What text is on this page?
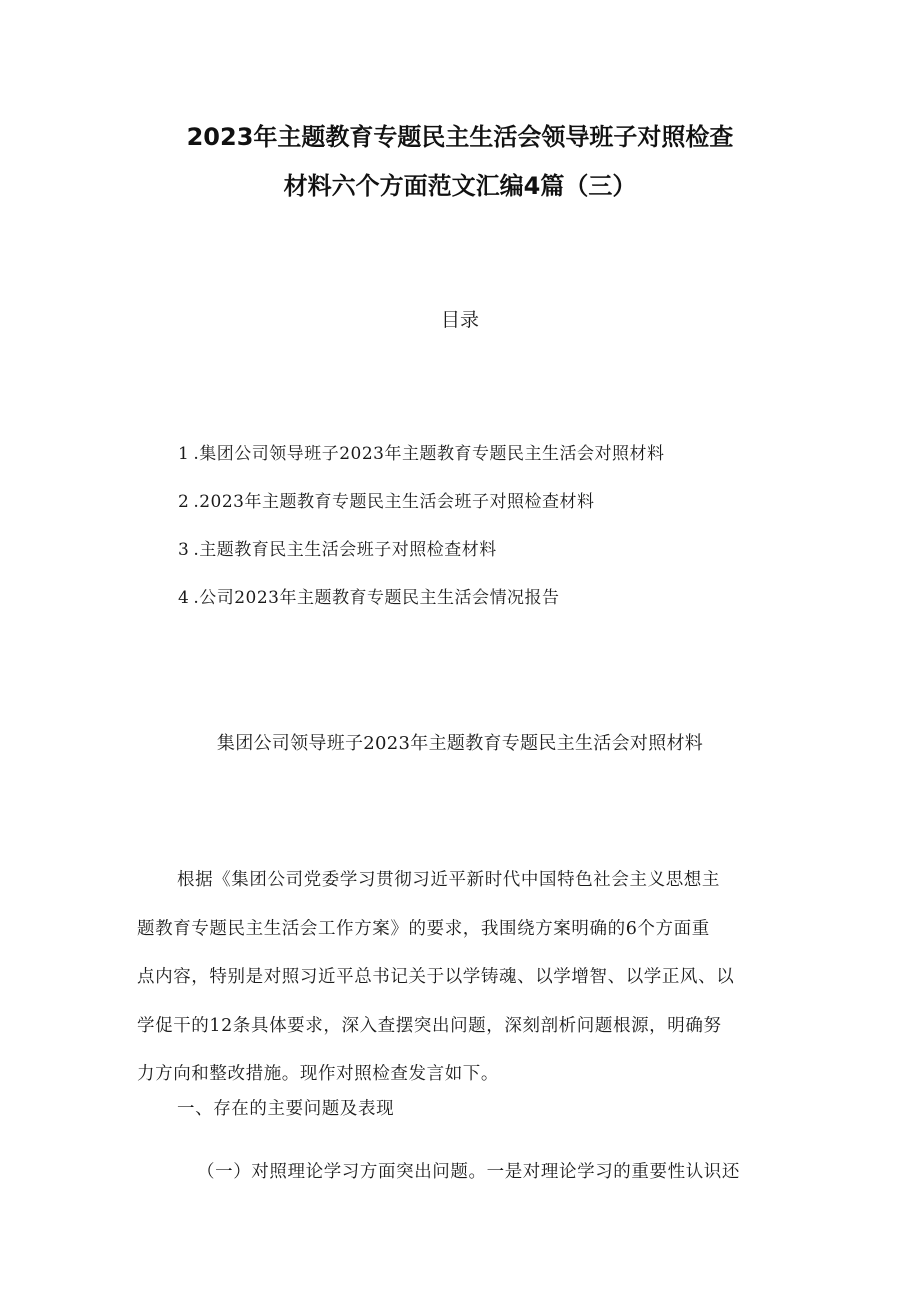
2023年主题教育专题民主生活会领导班子对照检查
材料六个方面范文汇编4篇（三）
目录
1 .集团公司领导班子2023年主题教育专题民主生活会对照材料
2 .2023年主题教育专题民主生活会班子对照检查材料
3 .主题教育民主生活会班子对照检查材料
4 .公司2023年主题教育专题民主生活会情况报告
集团公司领导班子2023年主题教育专题民主生活会对照材料
根据《集团公司党委学习贯彻习近平新时代中国特色社会主义思想主
题教育专题民主生活会工作方案》的要求，我围绕方案明确的6个方面重
点内容，特别是对照习近平总书记关于以学铸魂、以学增智、以学正风、以
学促干的12条具体要求，深入查摆突出问题，深刻剖析问题根源，明确努
力方向和整改措施。现作对照检查发言如下。
一、存在的主要问题及表现
（一）对照理论学习方面突出问题。一是对理论学习的重要性认识还
